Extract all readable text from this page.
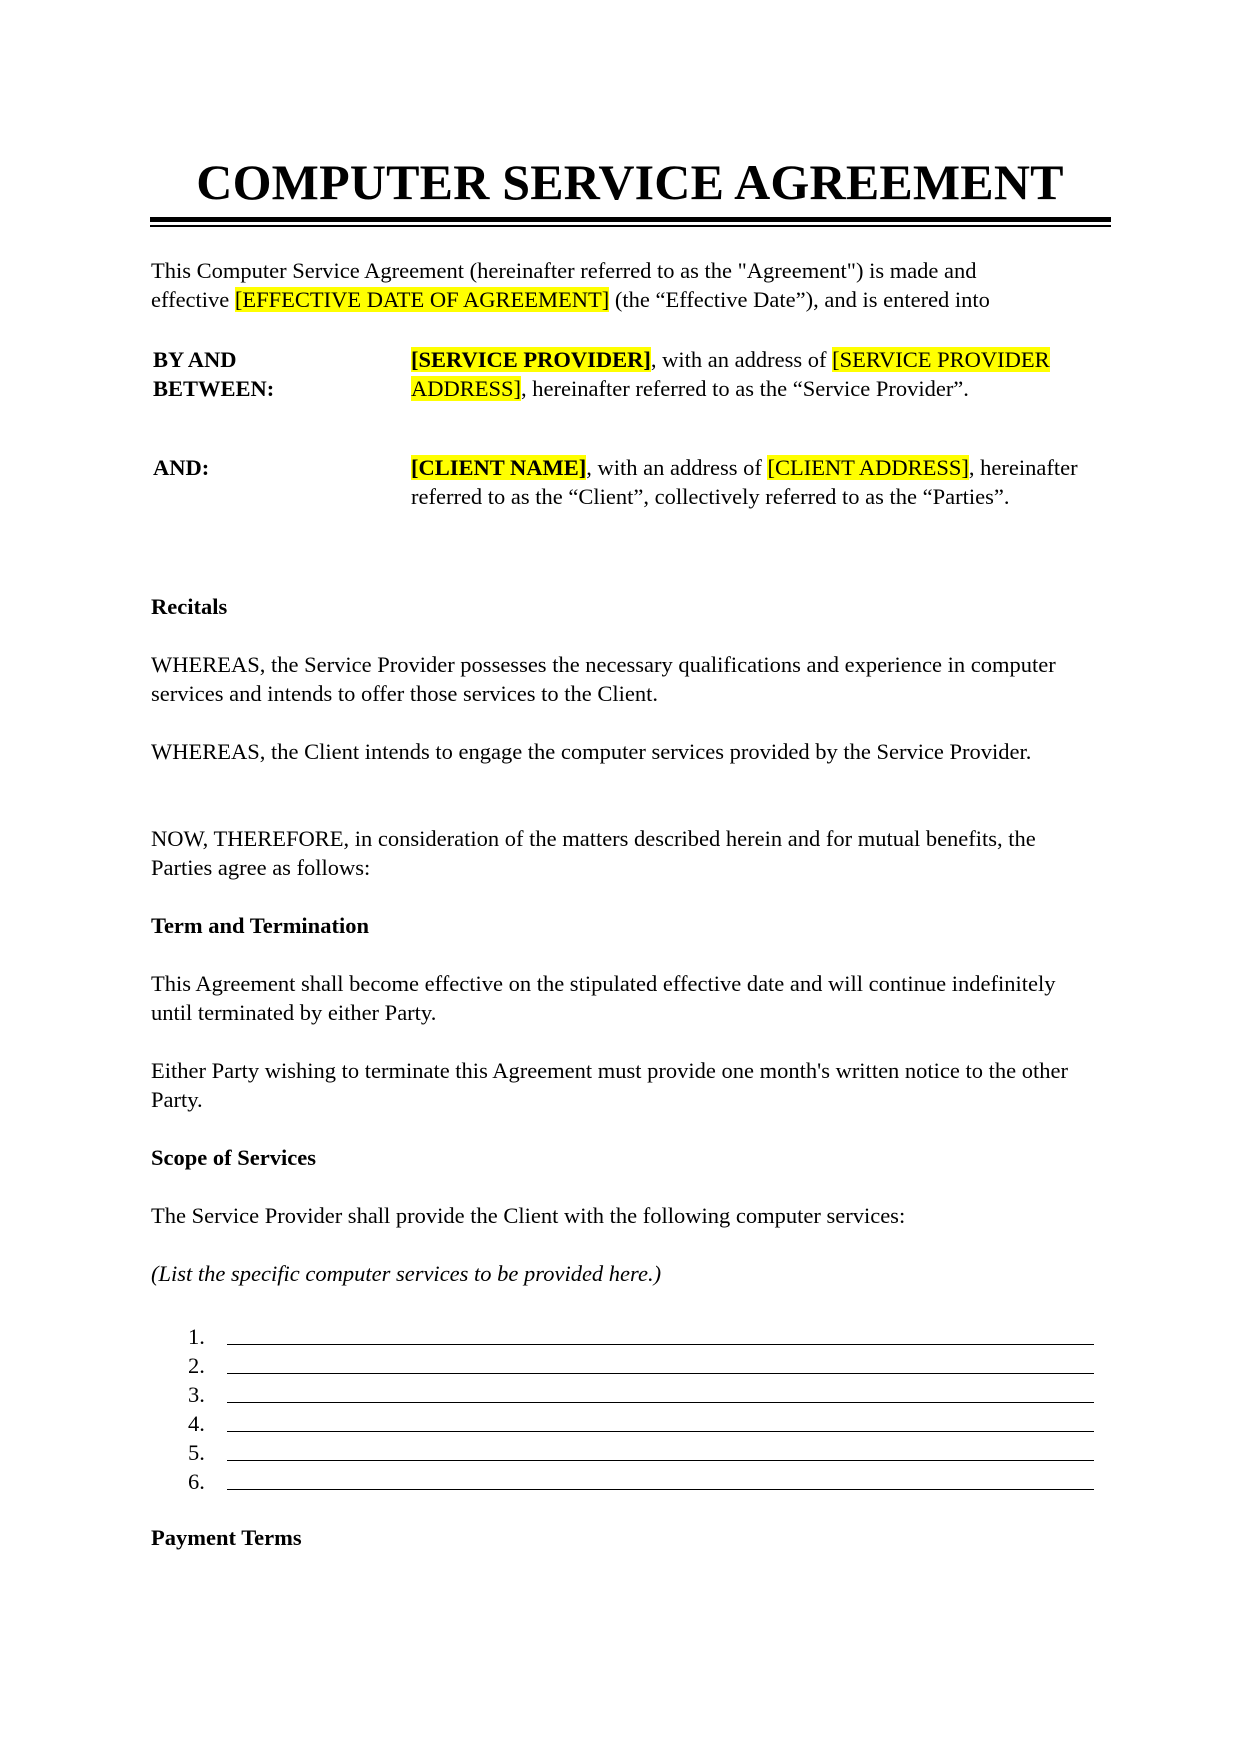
COMPUTER SERVICE AGREEMENT
This Computer Service Agreement (hereinafter referred to as the "Agreement") is made and
effective [EFFECTIVE DATE OF AGREEMENT] (the “Effective Date”), and is entered into
BY AND BETWEEN:
[SERVICE PROVIDER], with an address of [SERVICE PROVIDER ADDRESS], hereinafter referred to as the “Service Provider”.
AND:	[CLIENT NAME], with an address of [CLIENT ADDRESS], hereinafter referred to as the “Client”, collectively referred to as the “Parties”.
Recitals
WHEREAS, the Service Provider possesses the necessary qualifications and experience in computer services and intends to offer those services to the Client.
WHEREAS, the Client intends to engage the computer services provided by the Service Provider.
NOW, THEREFORE, in consideration of the matters described herein and for mutual benefits, the Parties agree as follows:
Term and Termination
This Agreement shall become effective on the stipulated effective date and will continue indefinitely until terminated by either Party.
Either Party wishing to terminate this Agreement must provide one month's written notice to the other Party.
Scope of Services
The Service Provider shall provide the Client with the following computer services:
(List the specific computer services to be provided here.)
1.
2.
3.
4.
5.
6.
Payment Terms
